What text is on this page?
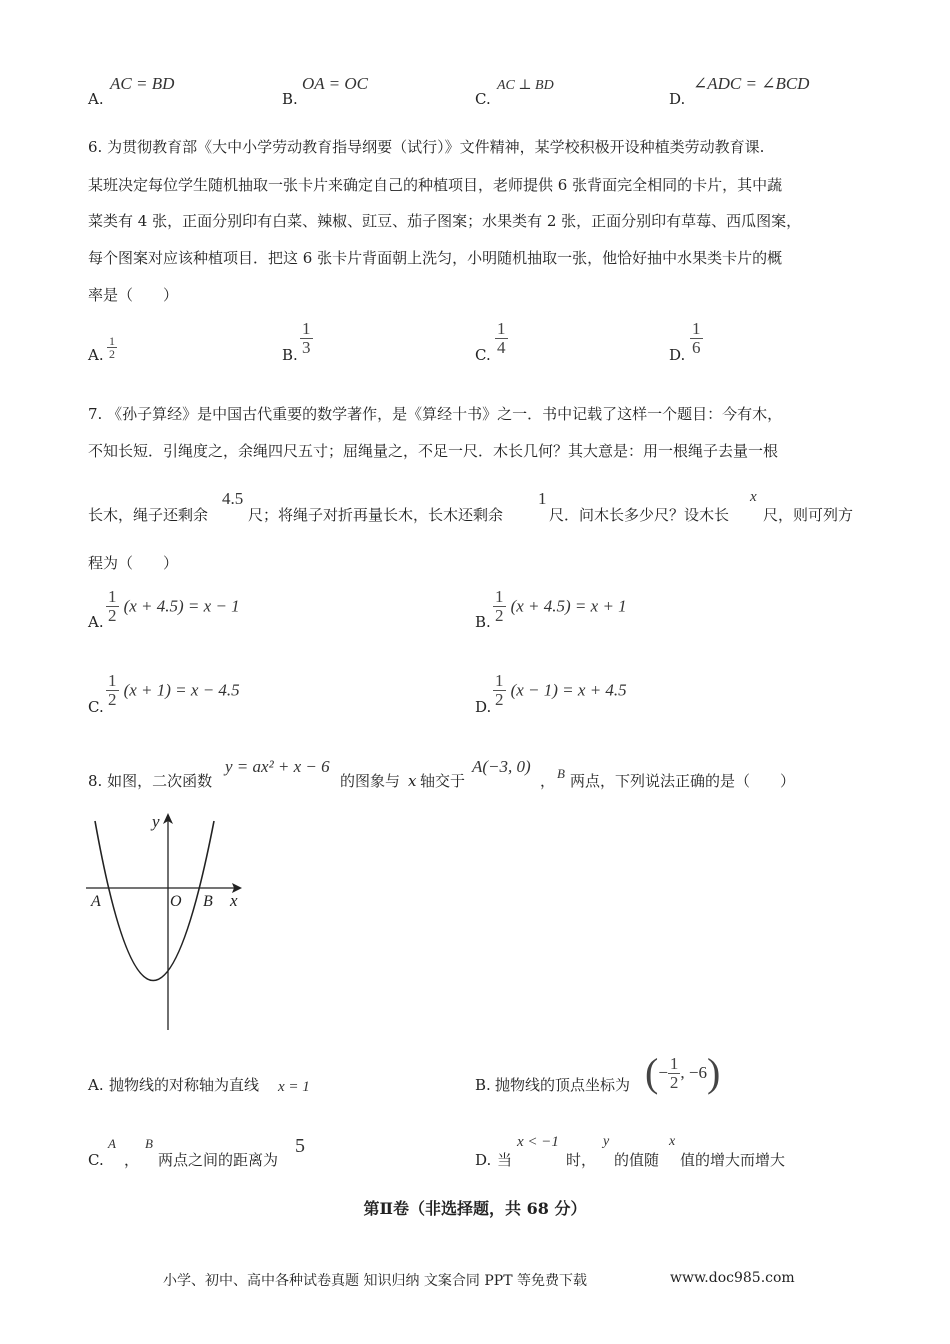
A.
AC = BD
B.
OA = OC
C.
AC ⊥ BD
D.
∠ADC = ∠BCD
6. 为贯彻教育部《大中小学劳动教育指导纲要（试行）》文件精神，某学校积极开设种植类劳动教育课.
某班决定每位学生随机抽取一张卡片来确定自己的种植项目，老师提供 6 张背面完全相同的卡片，其中蔬
菜类有 4 张，正面分别印有白菜、辣椒、豇豆、茄子图案；水果类有 2 张，正面分别印有草莓、西瓜图案，
每个图案对应该种植项目．把这 6 张卡片背面朝上洗匀，小明随机抽取一张，他恰好抽中水果类卡片的概
率是（　　）
A. $\frac{1}{2}$	B. $\frac{1}{3}$	C. $\frac{1}{4}$	D. $\frac{1}{6}$
7. 《孙子算经》是中国古代重要的数学著作，是《算经十书》之一．书中记载了这样一个题目：今有木，
不知长短．引绳度之，余绳四尺五寸；屈绳量之，不足一尺．木长几何？其大意是：用一根绳子去量一根
长木，绳子还剩余
4.5
尺；将绳子对折再量长木，长木还剩余
1
尺．问木长多少尺？设木长
x
尺，则可列方
程为（　　）
A. $\frac{1}{2} (x + 4.5) = x - 1$
B. $\frac{1}{2} (x + 4.5) = x + 1$
C. $\frac{1}{2} (x + 1) = x - 4.5$
D. $\frac{1}{2} (x - 1) = x + 4.5$
8. 如图，二次函数
y = ax² + x − 6
的图象与 x 轴交于
A(−3, 0)
， B 两点，下列说法正确的是（　　）
y
x
A	O B
A. 抛物线的对称轴为直线 x = 1	B. 抛物线的顶点坐标为 ( − $\frac{1}{2}$ , −6 )
C.
A
，
B
两点之间的距离为
5
D. 当
x < −1
时，
y
的值随
x
值的增大而增大
第Ⅱ卷（非选择题，共 68 分）
小学、初中、高中各种试卷真题 知识归纳 文案合同 PPT 等免费下载	www.doc985.com
